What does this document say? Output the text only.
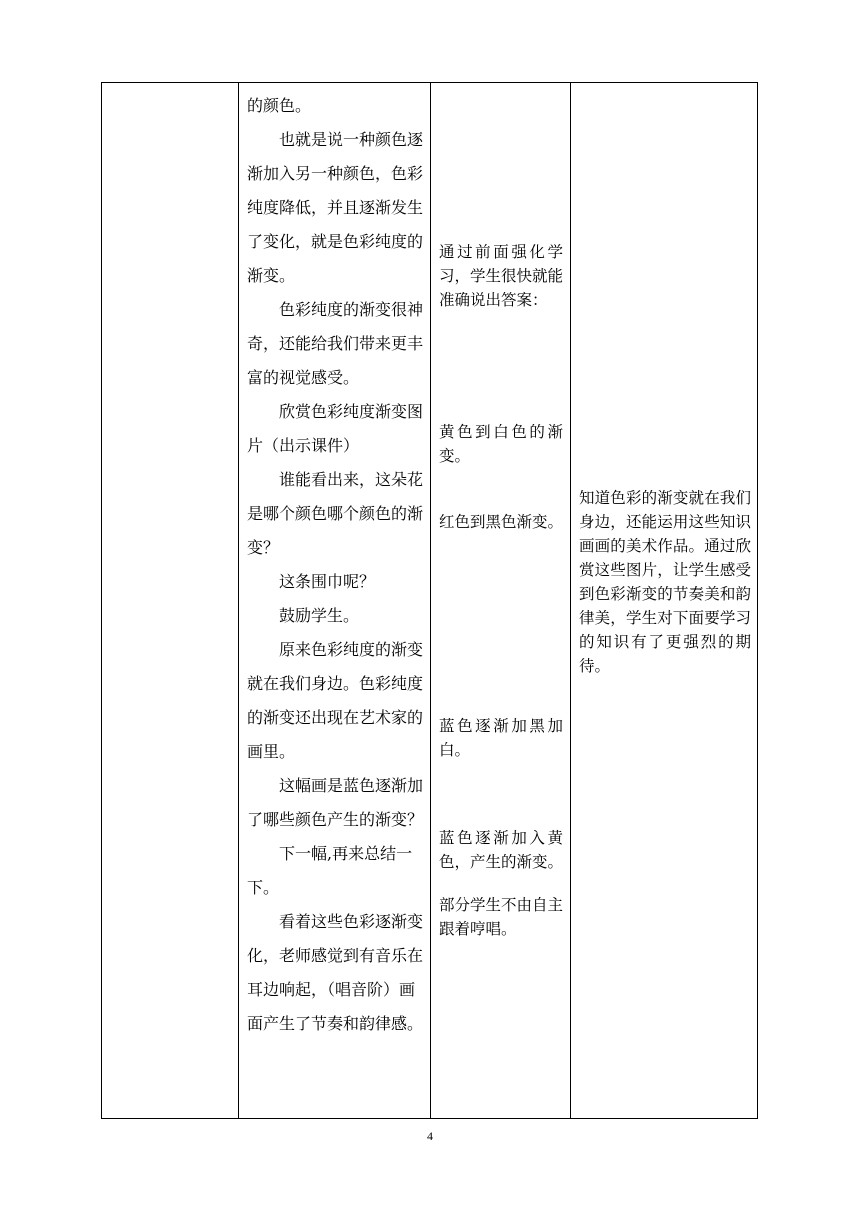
的颜色。

也就是说一种颜色逐渐加入另一种颜色，色彩纯度降低，并且逐渐发生了变化，就是色彩纯度的渐变。

色彩纯度的渐变很神奇，还能给我们带来更丰富的视觉感受。

欣赏色彩纯度渐变图片（出示课件）

谁能看出来，这朵花是哪个颜色哪个颜色的渐变？

这条围巾呢？

鼓励学生。

原来色彩纯度的渐变就在我们身边。色彩纯度的渐变还出现在艺术家的画里。

这幅画是蓝色逐渐加了哪些颜色产生的渐变？

下一幅,再来总结一下。

看着这些色彩逐渐变化，老师感觉到有音乐在耳边响起，（唱音阶）画面产生了节奏和韵律感。

通过前面强化学习，学生很快就能准确说出答案：
黄色到白色的渐变。
红色到黑色渐变。
蓝色逐渐加黑加白。
蓝色逐渐加入黄色，产生的渐变。
部分学生不由自主跟着哼唱。
知道色彩的渐变就在我们身边，还能运用这些知识画画的美术作品。通过欣赏这些图片，让学生感受到色彩渐变的节奏美和韵律美，学生对下面要学习的知识有了更强烈的期待。
4
